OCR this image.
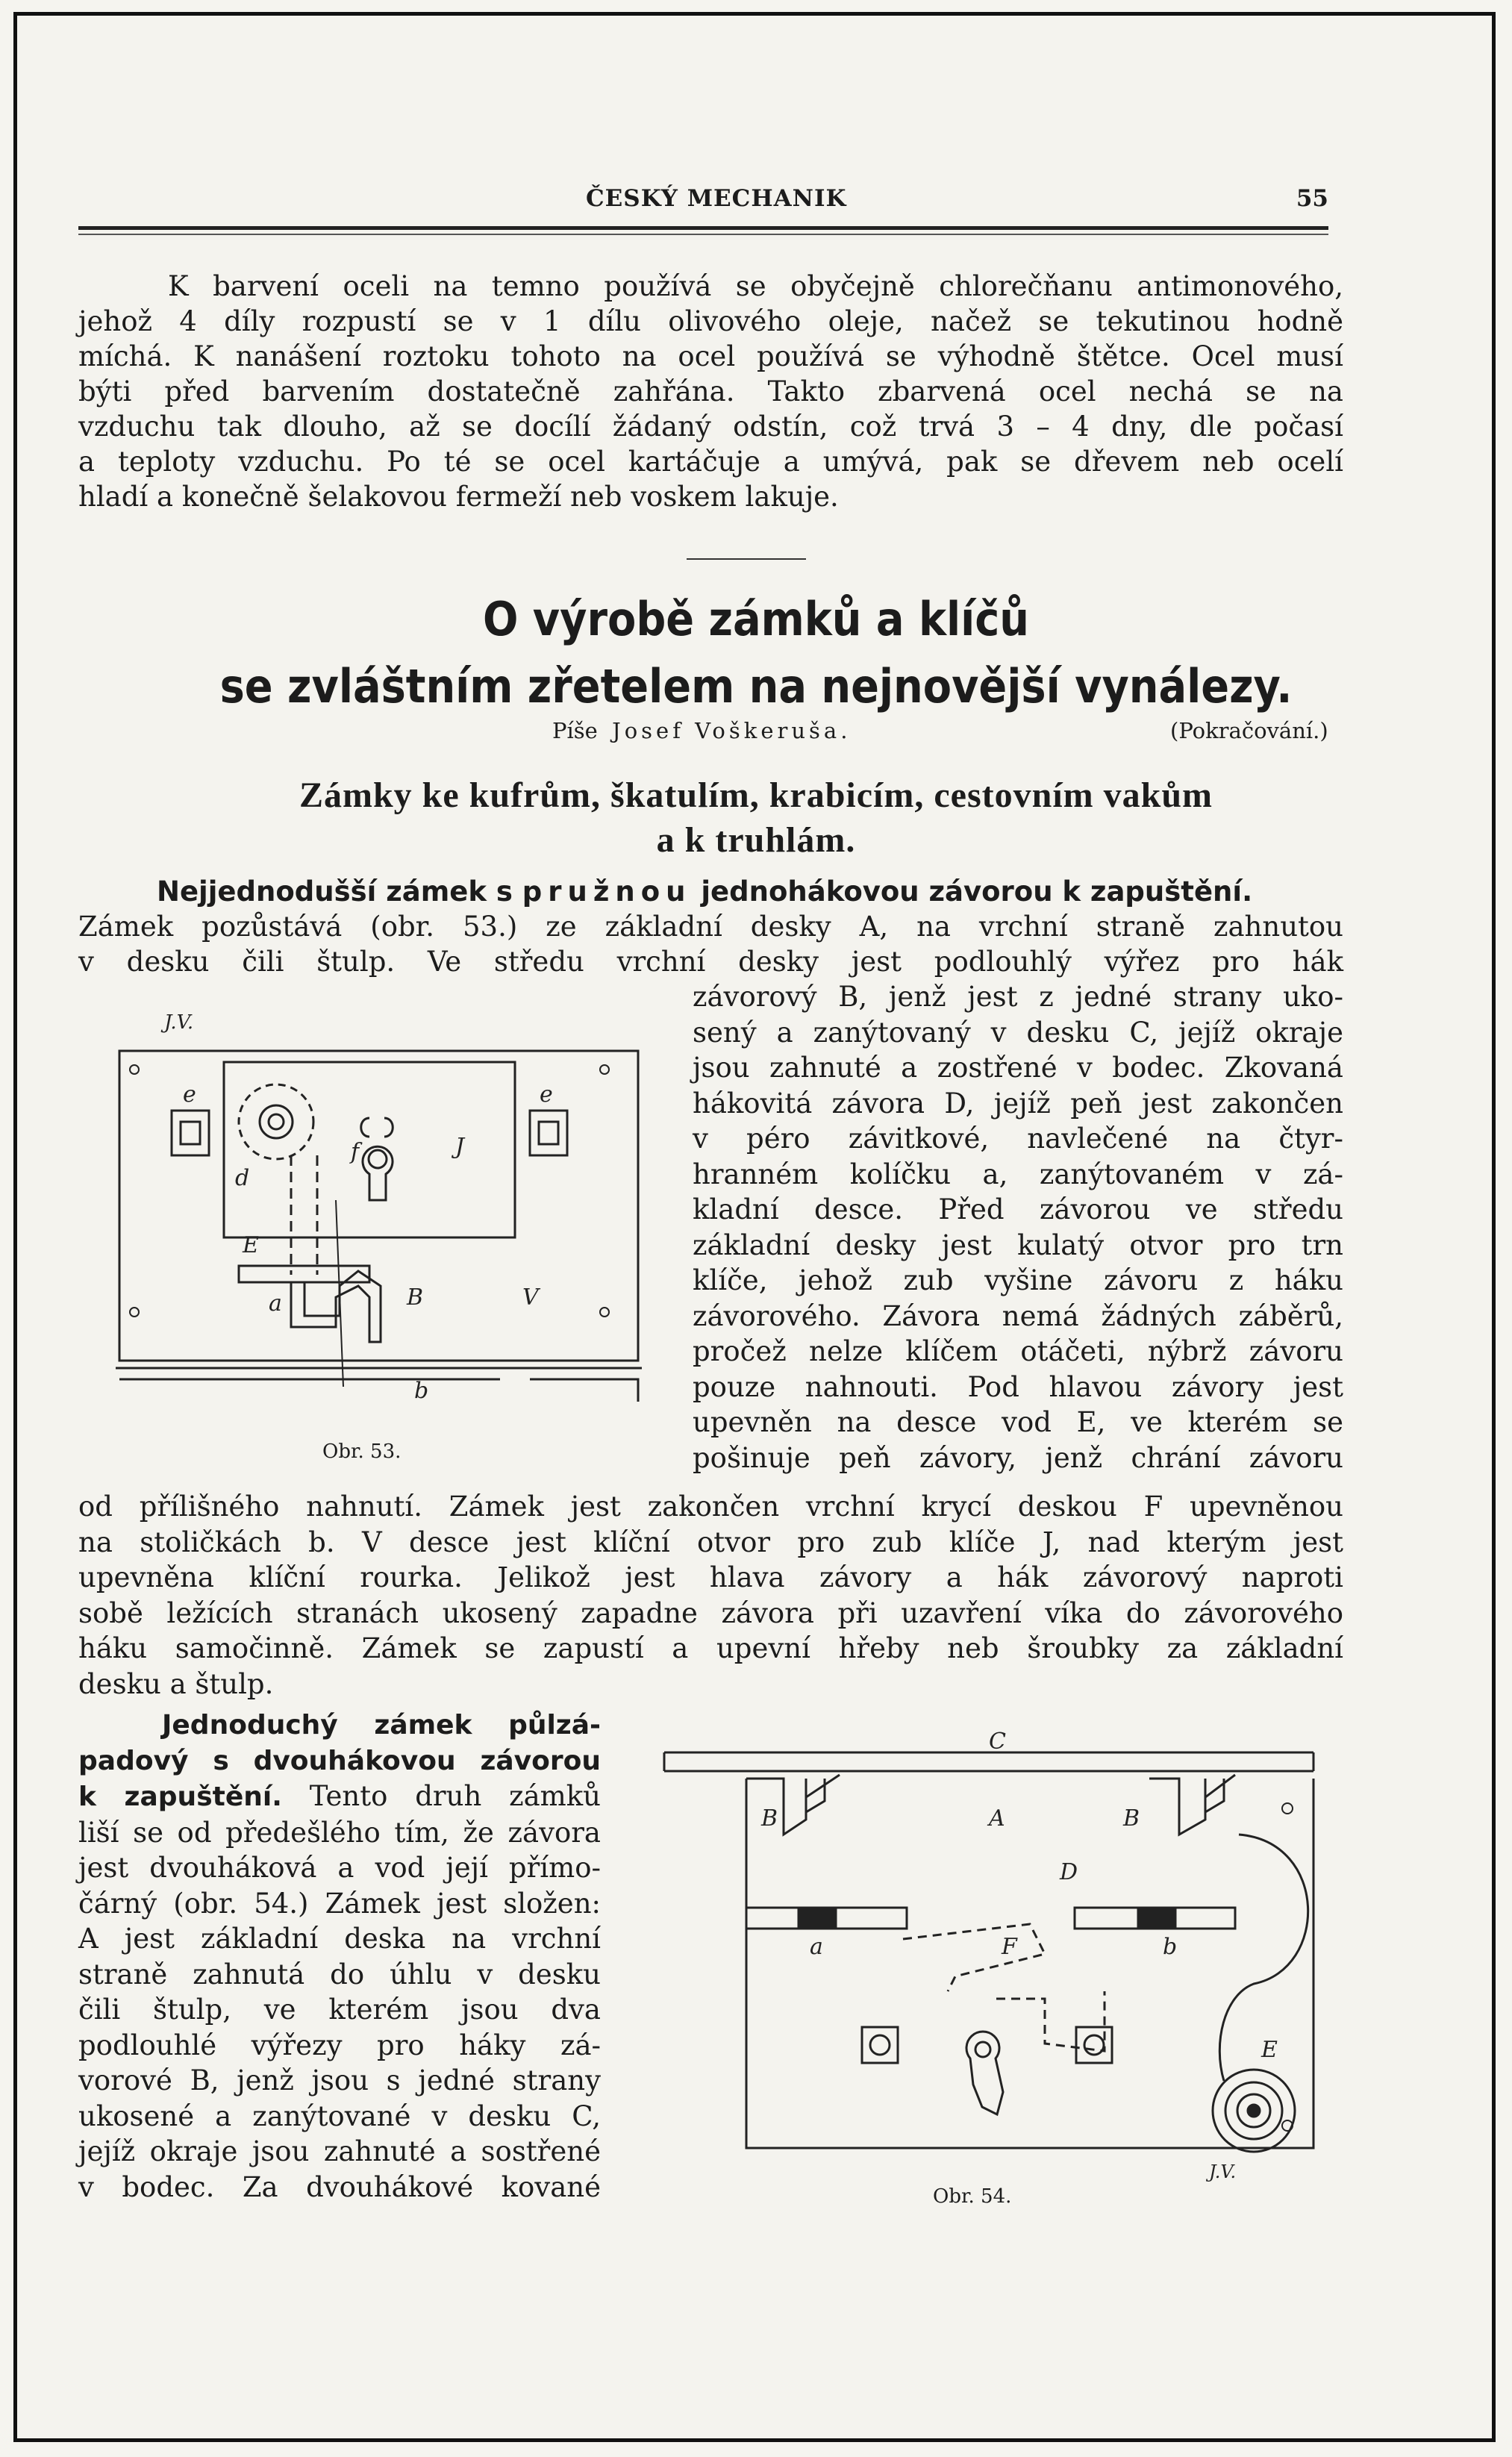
ČESKÝ MECHANIK	55
K barvení oceli na temno používá se obyčejně chlorečňanu antimonového,
jehož 4 díly rozpustí se v 1 dílu olivového oleje, načež se tekutinou hodně
míchá. K nanášení roztoku tohoto na ocel používá se výhodně štětce. Ocel musí
býti před barvením dostatečně zahřána. Takto zbarvená ocel nechá se na
vzduchu tak dlouho, až se docílí žádaný odstín, což trvá 3 – 4 dny, dle počasí
a teploty vzduchu. Po té se ocel kartáčuje a umývá, pak se dřevem neb ocelí
hladí a konečně šelakovou fermeží neb voskem lakuje.
O výrobě zámků a klíčů
se zvláštním zřetelem na nejnovější vynálezy.
Píše Josef Voškeruša.	(Pokračování.)
Zámky ke kufrům, škatulím, krabicím, cestovním vakům
a k truhlám.
Nejjednodušší zámek s pružnou jednohákovou závorou k zapuštění.
Zámek pozůstává (obr. 53.) ze základní desky A, na vrchní straně zahnutou
v desku čili štulp. Ve středu vrchní desky jest podlouhlý výřez pro hák
závorový B, jenž jest z jedné strany uko-
sený a zanýtovaný v desku C, jejíž okraje
jsou zahnuté a zostřené v bodec. Zkovaná
hákovitá závora D, jejíž peň jest zakončen
v péro závitkové, navlečené na čtyr-
hranném kolíčku a, zanýtovaném v zá-
kladní desce. Před závorou ve středu
základní desky jest kulatý otvor pro trn
klíče, jehož zub vyšine závoru z háku
závorového. Závora nemá žádných záběrů,
pročež nelze klíčem otáčeti, nýbrž závoru
pouze nahnouti. Pod hlavou závory jest
upevněn na desce vod E, ve kterém se
pošinuje peň závory, jenž chrání závoru
e	e
f	J
d
E
a	B	V
b
J.V.
Obr. 53.
od přílišného nahnutí. Zámek jest zakončen vrchní krycí deskou F upevněnou
na stoličkách b. V desce jest klíční otvor pro zub klíče J, nad kterým jest
upevněna klíční rourka. Jelikož jest hlava závory a hák závorový naproti
sobě ležících stranách ukosený zapadne závora při uzavření víka do závorového
háku samočinně. Zámek se zapustí a upevní hřeby neb šroubky za základní
desku a štulp.
Jednoduchý zámek půlzá-
padový s dvouhákovou závorou
k zapuštění. Tento druh zámků
liší se od předešlého tím, že závora
jest dvouháková a vod její přímo-
čárný (obr. 54.) Zámek jest složen:
A jest základní deska na vrchní
straně zahnutá do úhlu v desku
čili štulp, ve kterém jsou dva
podlouhlé výřezy pro háky zá-
vorové B, jenž jsou s jedné strany
ukosené a zanýtované v desku C,
jejíž okraje jsou zahnuté a sostřené
v bodec. Za dvouhákové kované
C
B	A	B
D
F
a	b
E
J.V.
Obr. 54.
